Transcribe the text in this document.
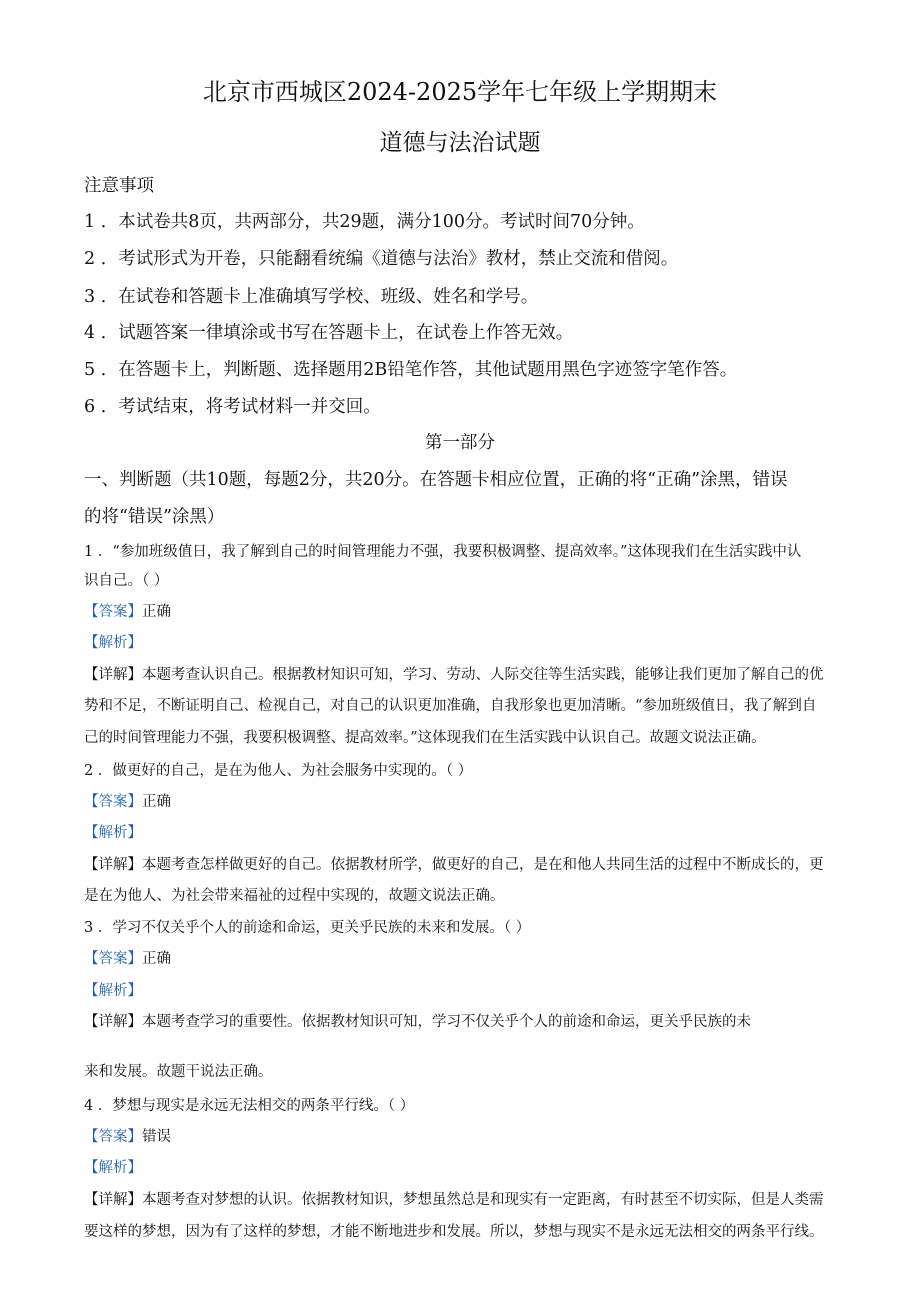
北京市西城区2024-2025学年七年级上学期期末
道德与法治试题
注意事项
1 ．本试卷共8页，共两部分，共29题，满分100分。考试时间70分钟。
2 ．考试形式为开卷，只能翻看统编《道德与法治》教材，禁止交流和借阅。
3 ．在试卷和答题卡上准确填写学校、班级、姓名和学号。
4 ．试题答案一律填涂或书写在答题卡上，在试卷上作答无效。
5 ．在答题卡上，判断题、选择题用2B铅笔作答，其他试题用黑色字迹签字笔作答。
6 ．考试结束，将考试材料一并交回。
第一部分
一、判断题（共10题，每题2分，共20分。在答题卡相应位置，正确的将“正确”涂黑，错误
的将“错误”涂黑）
1 ．“参加班级值日，我了解到自己的时间管理能力不强，我要积极调整、提高效率。”这体现我们在生活实践中认
识自己。（ ）
【答案】正确
【解析】
【详解】本题考查认识自己。根据教材知识可知，学习、劳动、人际交往等生活实践，能够让我们更加了解自己的优
势和不足，不断证明自己、检视自己，对自己的认识更加准确，自我形象也更加清晰。“参加班级值日，我了解到自
己的时间管理能力不强，我要积极调整、提高效率。”这体现我们在生活实践中认识自己。故题文说法正确。
2 ．做更好的自己，是在为他人、为社会服务中实现的。（ ）
【答案】正确
【解析】
【详解】本题考查怎样做更好的自己。依据教材所学，做更好的自己，是在和他人共同生活的过程中不断成长的，更
是在为他人、为社会带来福祉的过程中实现的，故题文说法正确。
3 ．学习不仅关乎个人的前途和命运，更关乎民族的未来和发展。（ ）
【答案】正确
【解析】
【详解】本题考查学习的重要性。依据教材知识可知，学习不仅关乎个人的前途和命运，更关乎民族的未
来和发展。故题干说法正确。
4 ．梦想与现实是永远无法相交的两条平行线。（ ）
【答案】错误
【解析】
【详解】本题考查对梦想的认识。依据教材知识，梦想虽然总是和现实有一定距离，有时甚至不切实际，但是人类需
要这样的梦想，因为有了这样的梦想，才能不断地进步和发展。所以，梦想与现实不是永远无法相交的两条平行线。
